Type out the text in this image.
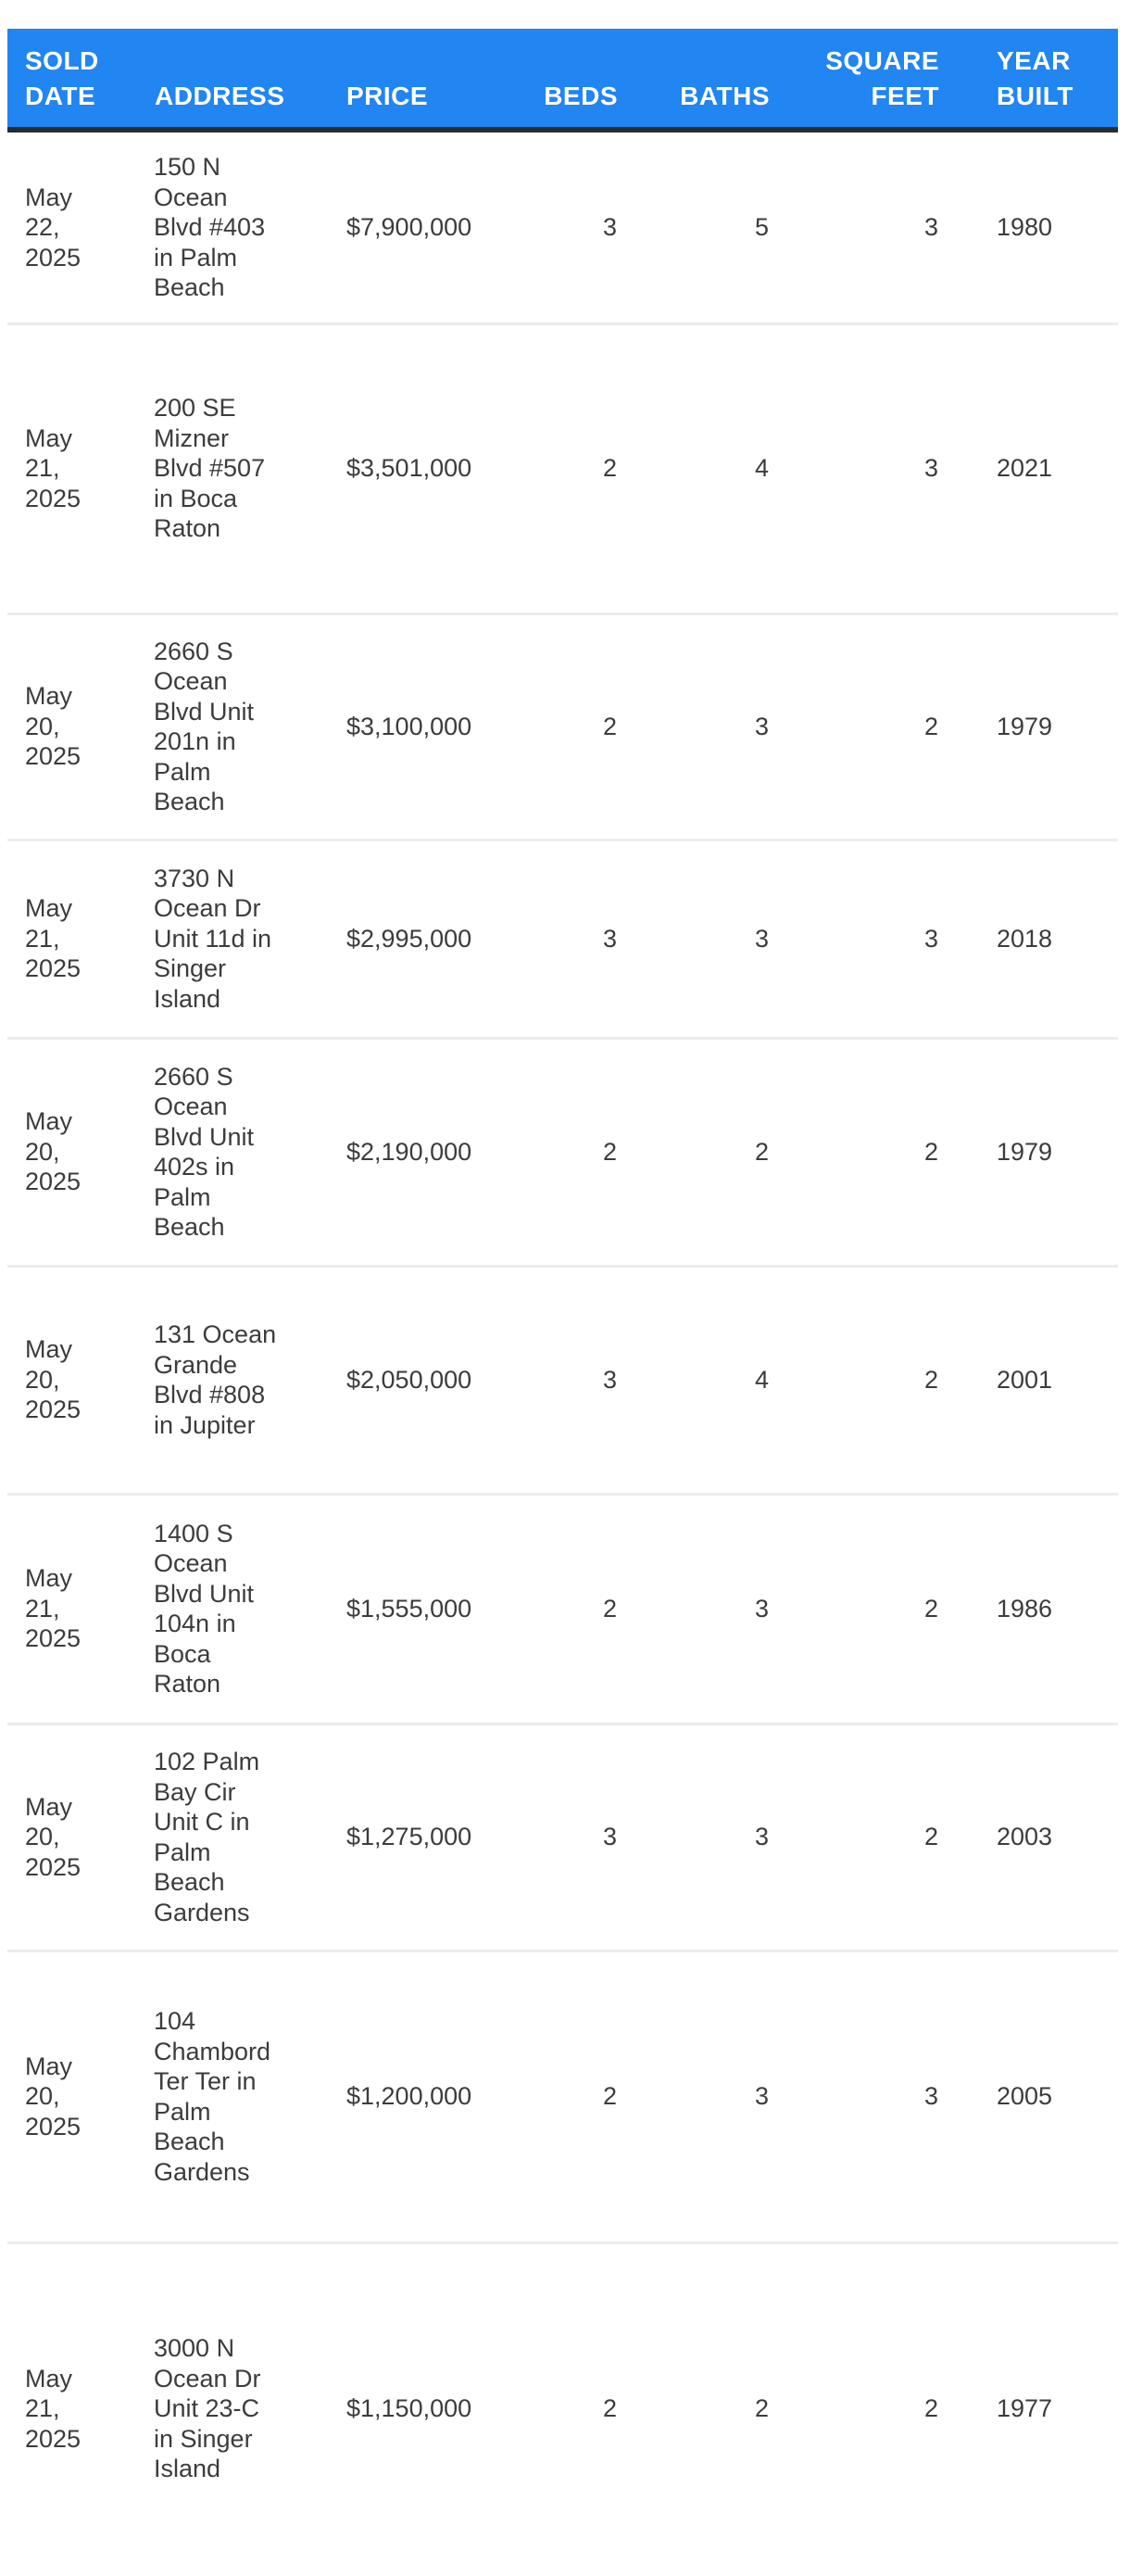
SOLD DATE	ADDRESS	PRICE	BEDS	BATHS	SQUARE FEET	YEAR BUILT
May 22, 2025	150 N Ocean Blvd #403 in Palm Beach	$7,900,000	3	5	3	1980
May 21, 2025	200 SE Mizner Blvd #507 in Boca Raton	$3,501,000	2	4	3	2021
May 20, 2025	2660 S Ocean Blvd Unit 201n in Palm Beach	$3,100,000	2	3	2	1979
May 21, 2025	3730 N Ocean Dr Unit 11d in Singer Island	$2,995,000	3	3	3	2018
May 20, 2025	2660 S Ocean Blvd Unit 402s in Palm Beach	$2,190,000	2	2	2	1979
May 20, 2025	131 Ocean Grande Blvd #808 in Jupiter	$2,050,000	3	4	2	2001
May 21, 2025	1400 S Ocean Blvd Unit 104n in Boca Raton	$1,555,000	2	3	2	1986
May 20, 2025	102 Palm Bay Cir Unit C in Palm Beach Gardens	$1,275,000	3	3	2	2003
May 20, 2025	104 Chambord Ter Ter in Palm Beach Gardens	$1,200,000	2	3	3	2005
May 21, 2025	3000 N Ocean Dr Unit 23-C in Singer Island	$1,150,000	2	2	2	1977
